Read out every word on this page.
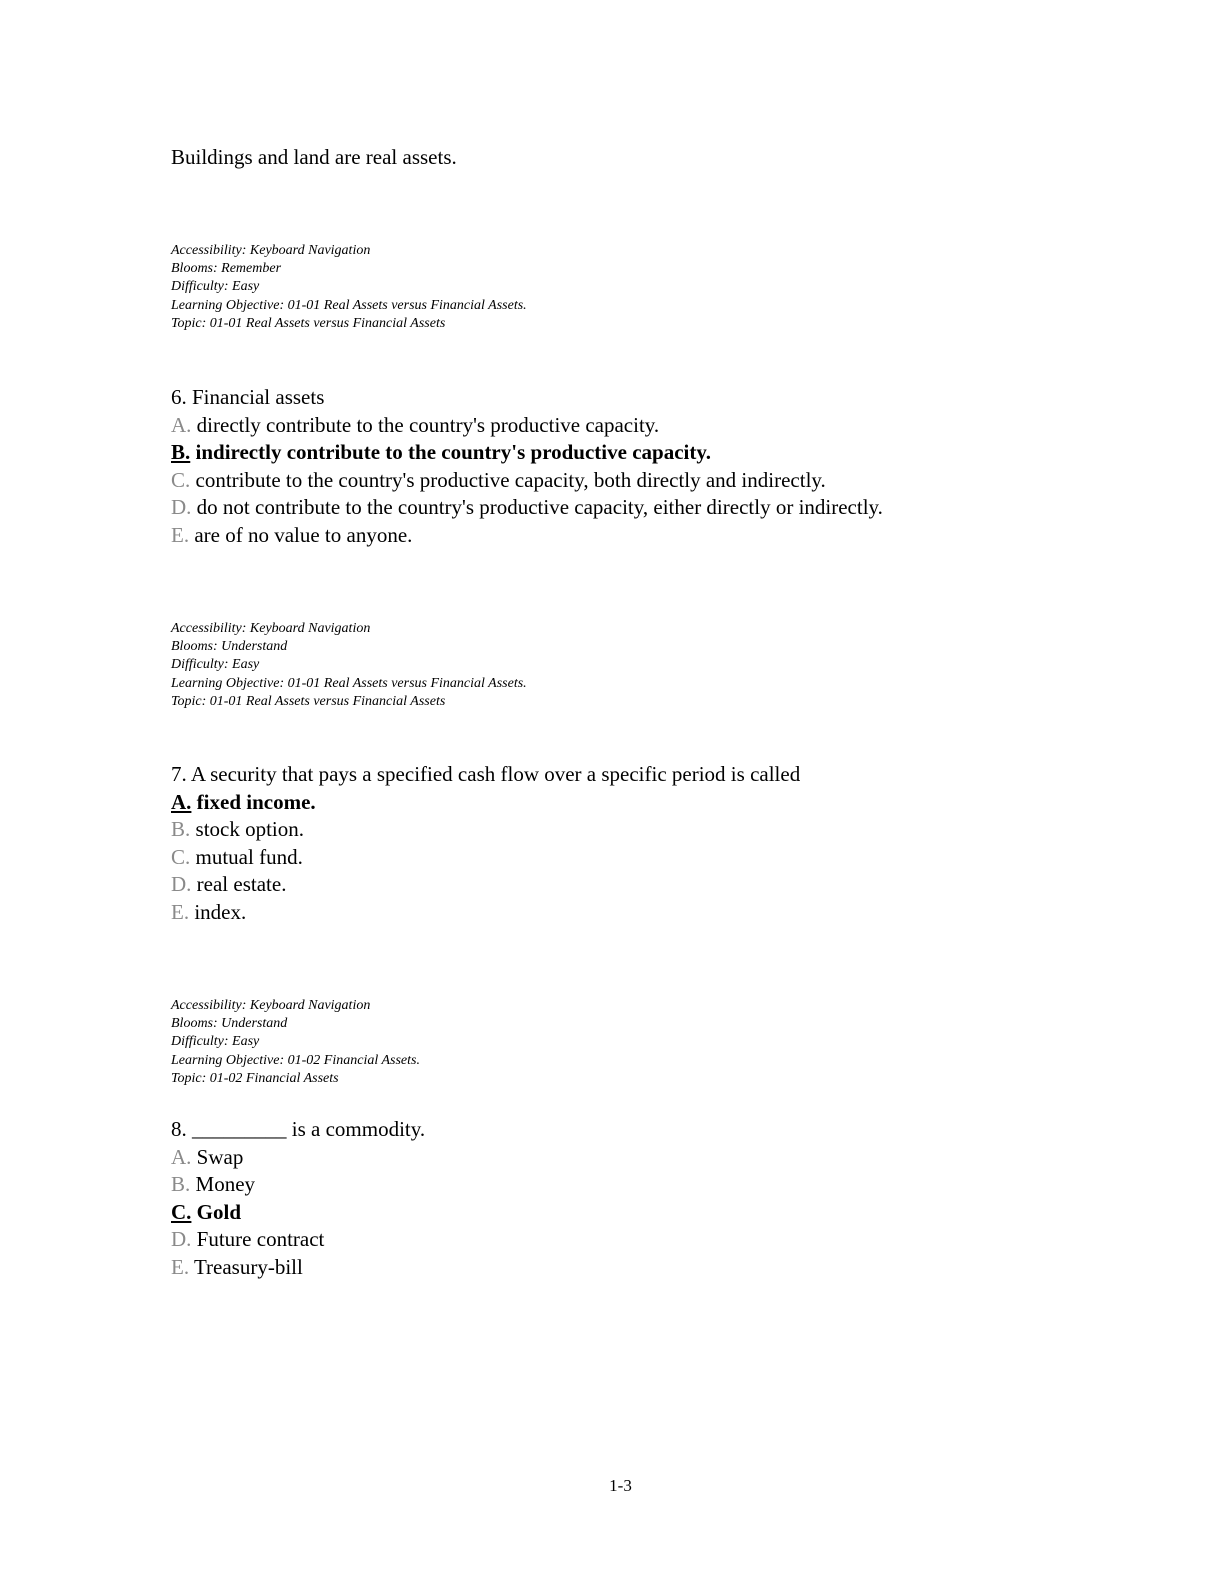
Buildings and land are real assets.
Accessibility: Keyboard Navigation
Blooms: Remember
Difficulty: Easy
Learning Objective: 01-01 Real Assets versus Financial Assets.
Topic: 01-01 Real Assets versus Financial Assets
6. Financial assets
A. directly contribute to the country's productive capacity.
B. indirectly contribute to the country's productive capacity.
C. contribute to the country's productive capacity, both directly and indirectly.
D. do not contribute to the country's productive capacity, either directly or indirectly.
E. are of no value to anyone.
Accessibility: Keyboard Navigation
Blooms: Understand
Difficulty: Easy
Learning Objective: 01-01 Real Assets versus Financial Assets.
Topic: 01-01 Real Assets versus Financial Assets
7. A security that pays a specified cash flow over a specific period is called
A. fixed income.
B. stock option.
C. mutual fund.
D. real estate.
E. index.
Accessibility: Keyboard Navigation
Blooms: Understand
Difficulty: Easy
Learning Objective: 01-02 Financial Assets.
Topic: 01-02 Financial Assets
8. _________ is a commodity.
A. Swap
B. Money
C. Gold
D. Future contract
E. Treasury-bill
1-3
